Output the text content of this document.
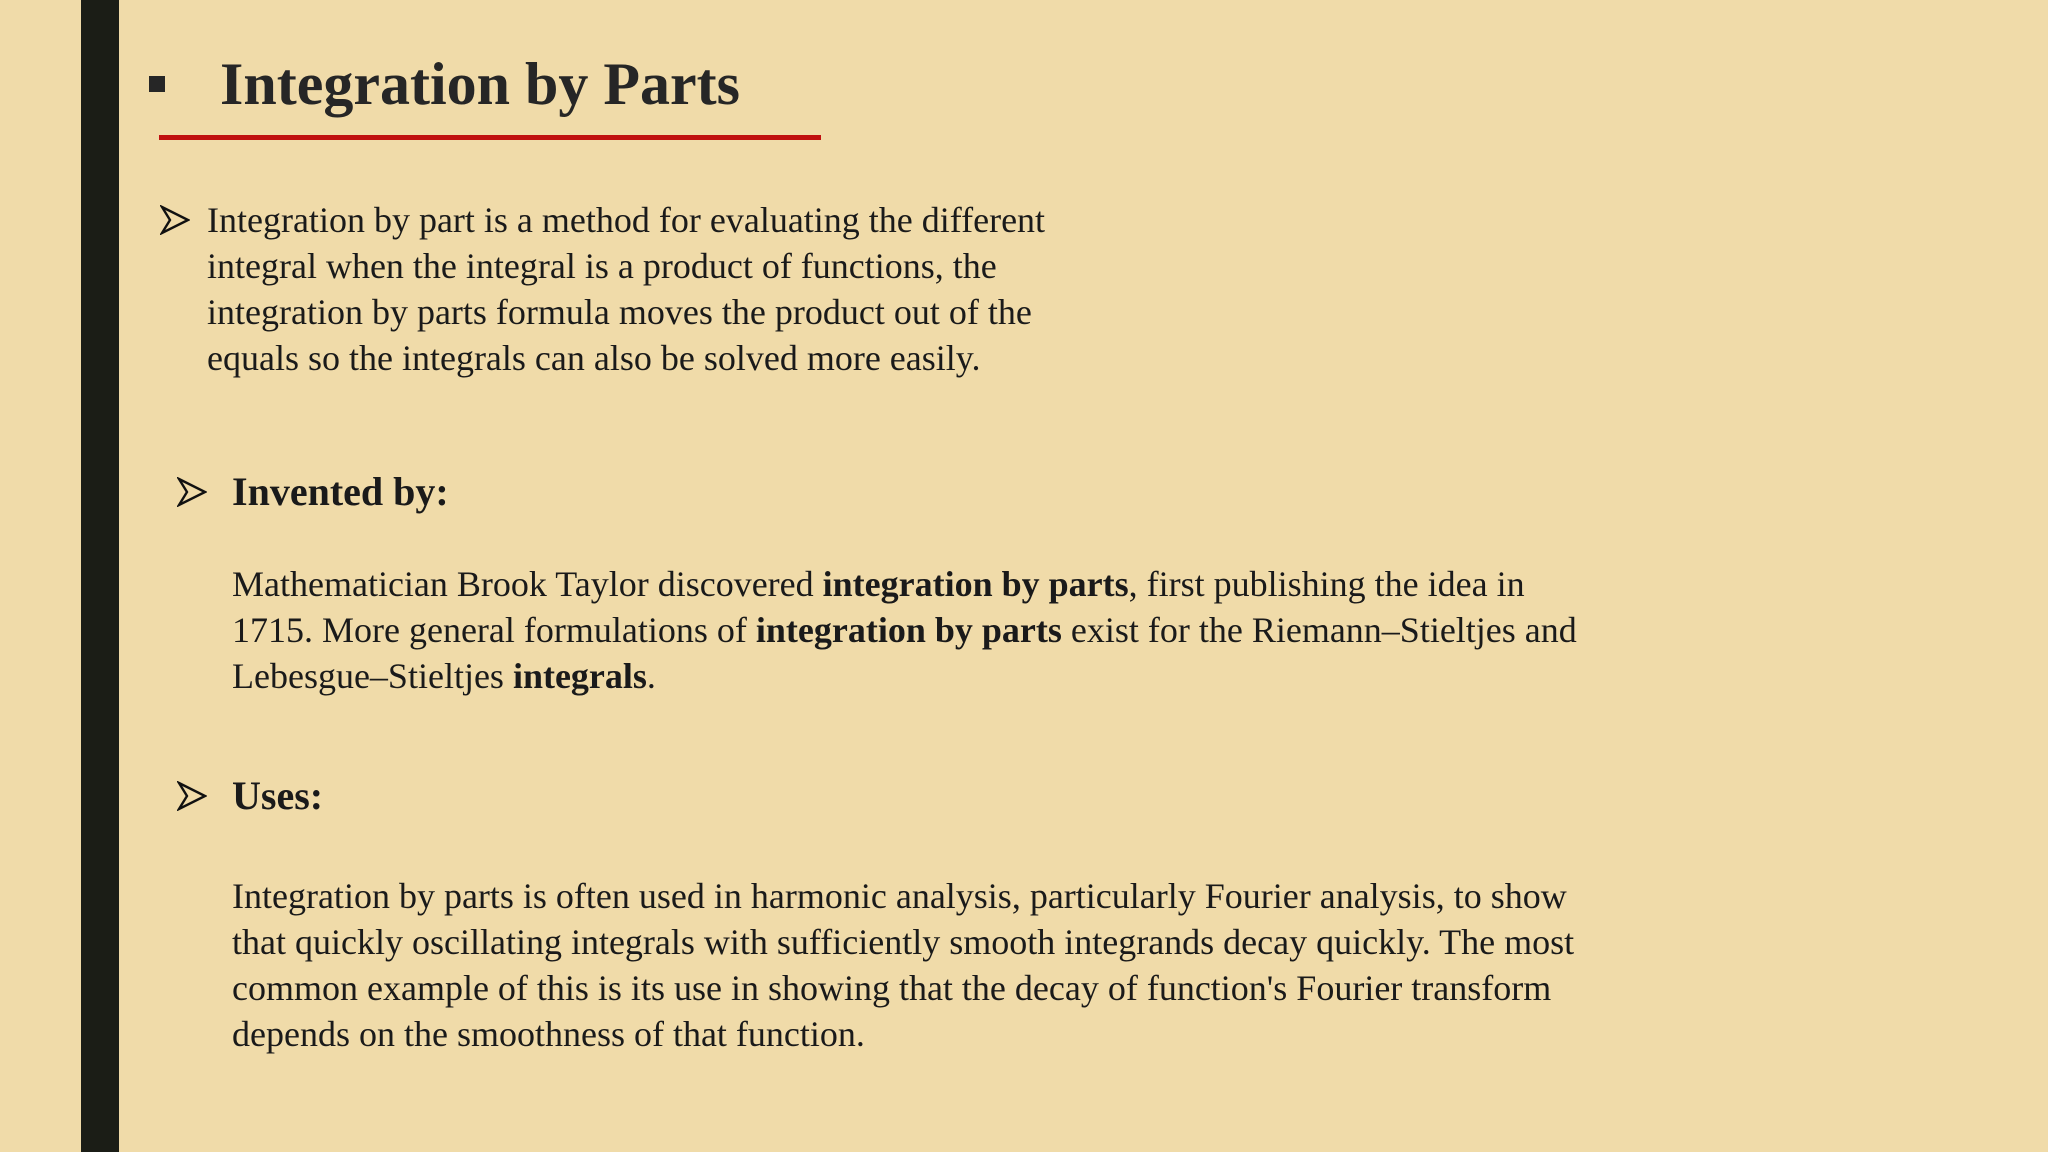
Integration by Parts

Integration by part is a method for evaluating the different integral when the integral is a product of functions, the integration by parts formula moves the product out of the equals so the integrals can also be solved more easily.

Invented by:

Mathematician Brook Taylor discovered integration by parts, first publishing the idea in 1715. More general formulations of integration by parts exist for the Riemann–Stieltjes and Lebesgue–Stieltjes integrals.

Uses:

Integration by parts is often used in harmonic analysis, particularly Fourier analysis, to show that quickly oscillating integrals with sufficiently smooth integrands decay quickly. The most common example of this is its use in showing that the decay of function's Fourier transform depends on the smoothness of that function.
